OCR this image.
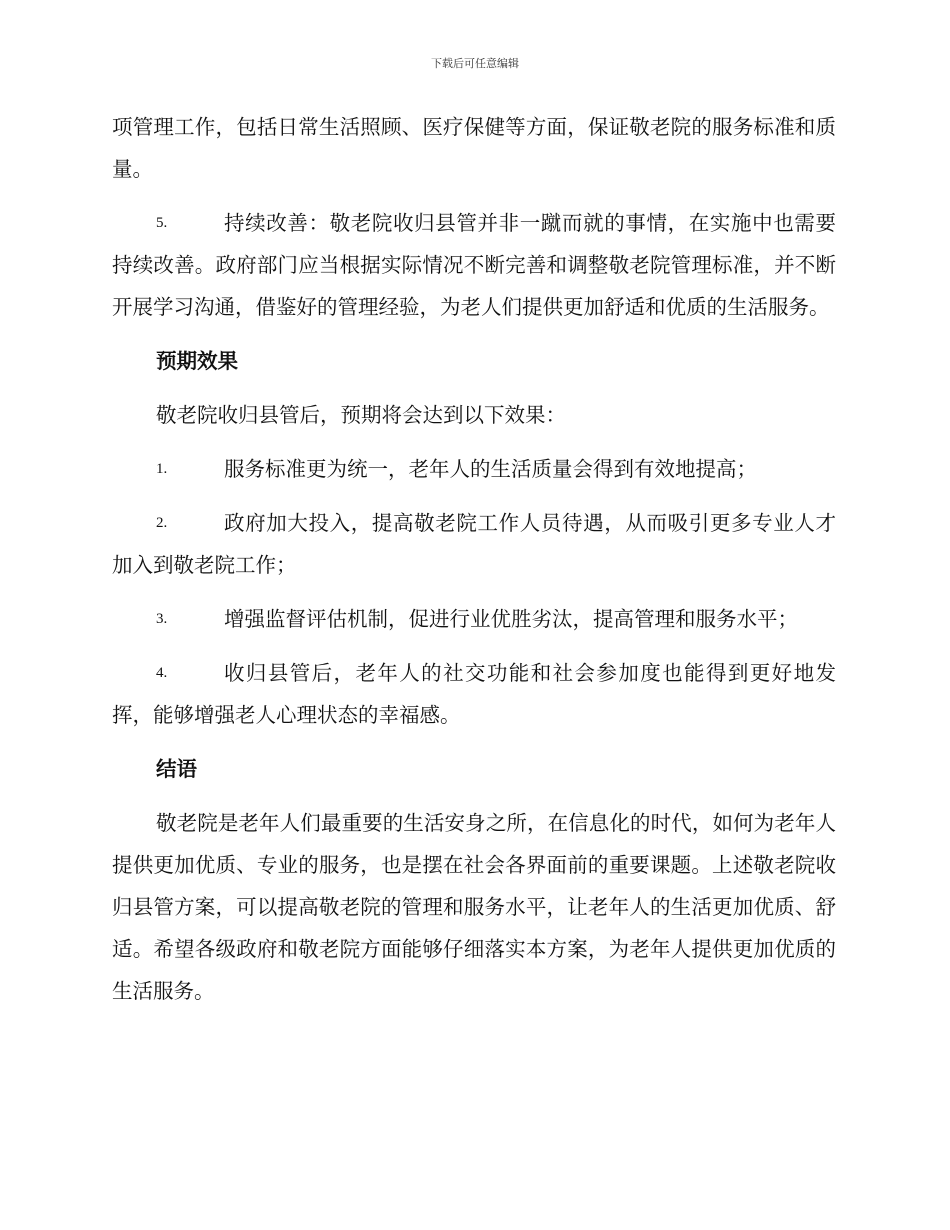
下载后可任意编辑

项管理工作，包括日常生活照顾、医疗保健等方面，保证敬老院的服务标准和质量。

5.	持续改善：敬老院收归县管并非一蹴而就的事情，在实施中也需要持续改善。政府部门应当根据实际情况不断完善和调整敬老院管理标准，并不断开展学习沟通，借鉴好的管理经验，为老人们提供更加舒适和优质的生活服务。

预期效果

敬老院收归县管后，预期将会达到以下效果：

1.	服务标准更为统一，老年人的生活质量会得到有效地提高；

2.	政府加大投入，提高敬老院工作人员待遇，从而吸引更多专业人才加入到敬老院工作；

3.	增强监督评估机制，促进行业优胜劣汰，提高管理和服务水平；

4.	收归县管后，老年人的社交功能和社会参加度也能得到更好地发挥，能够增强老人心理状态的幸福感。

结语

敬老院是老年人们最重要的生活安身之所，在信息化的时代，如何为老年人提供更加优质、专业的服务，也是摆在社会各界面前的重要课题。上述敬老院收归县管方案，可以提高敬老院的管理和服务水平，让老年人的生活更加优质、舒适。希望各级政府和敬老院方面能够仔细落实本方案，为老年人提供更加优质的生活服务。
